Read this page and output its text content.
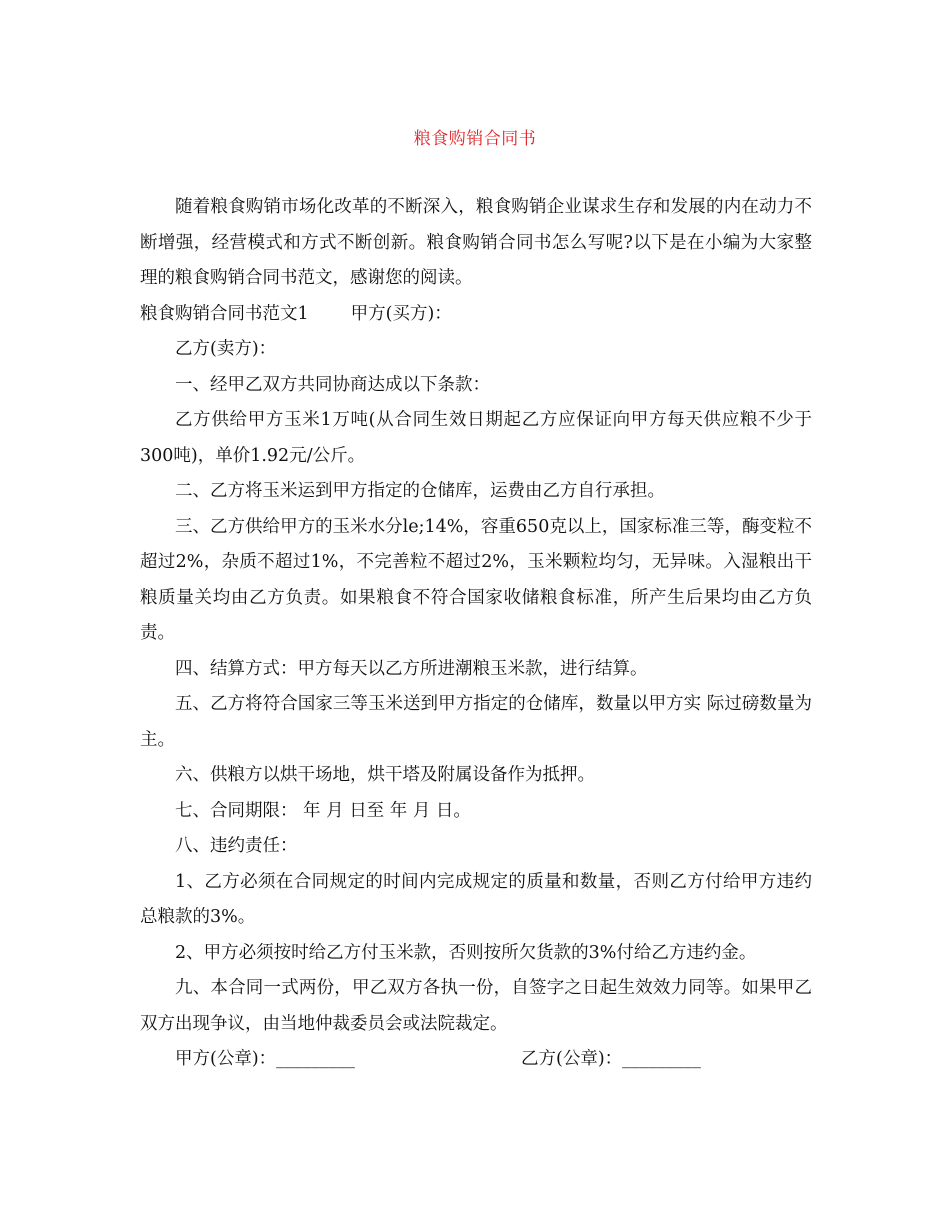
粮食购销合同书

随着粮食购销市场化改革的不断深入，粮食购销企业谋求生存和发展的内在动力不断增强，经营模式和方式不断创新。粮食购销合同书怎么写呢?以下是在小编为大家整理的粮食购销合同书范文，感谢您的阅读。

粮食购销合同书范文1 甲方(买方)：

乙方(卖方)：

一、经甲乙双方共同协商达成以下条款：

乙方供给甲方玉米1万吨(从合同生效日期起乙方应保证向甲方每天供应粮不少于300吨)，单价1.92元/公斤。

二、乙方将玉米运到甲方指定的仓储库，运费由乙方自行承担。

三、乙方供给甲方的玉米水分le;14%，容重650克以上，国家标准三等，酶变粒不超过2%，杂质不超过1%，不完善粒不超过2%，玉米颗粒均匀，无异味。入湿粮出干粮质量关均由乙方负责。如果粮食不符合国家收储粮食标准，所产生后果均由乙方负责。

四、结算方式：甲方每天以乙方所进潮粮玉米款，进行结算。

五、乙方将符合国家三等玉米送到甲方指定的仓储库，数量以甲方实 际过磅数量为主。

六、供粮方以烘干场地，烘干塔及附属设备作为抵押。

七、合同期限： 年 月 日至 年 月 日。

八、违约责任：

1、乙方必须在合同规定的时间内完成规定的质量和数量，否则乙方付给甲方违约总粮款的3%。

2、甲方必须按时给乙方付玉米款，否则按所欠货款的3%付给乙方违约金。

九、本合同一式两份，甲乙双方各执一份，自签字之日起生效效力同等。如果甲乙双方出现争议，由当地仲裁委员会或法院裁定。

甲方(公章)：_________	乙方(公章)：_________
